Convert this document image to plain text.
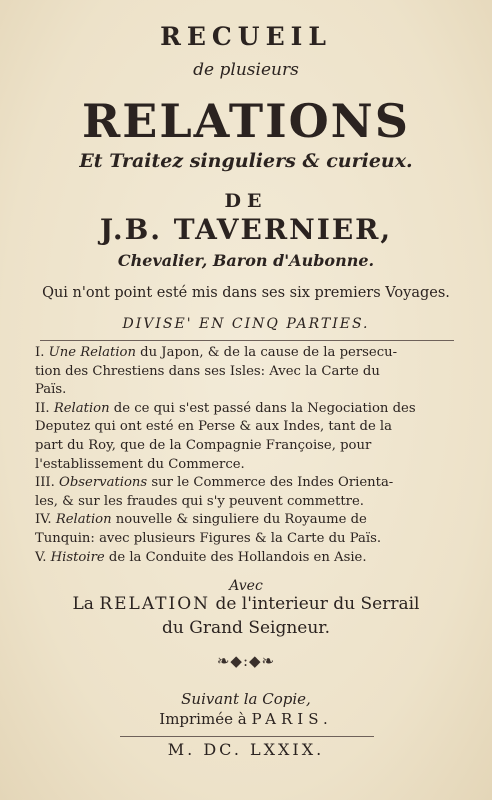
RECUEIL
de plusieurs
RELATIONS
Et Traitez singuliers & curieux.
DE
J.B. TAVERNIER,
Chevalier, Baron d'Aubonne.
Qui n'ont point esté mis dans ses six premiers Voyages.
DIVISE' EN CINQ PARTIES.
I. Une Relation du Japon, & de la cause de la persecu-
tion des Chrestiens dans ses Isles: Avec la Carte du
Païs.
II. Relation de ce qui s'est passé dans la Negociation des
Deputez qui ont esté en Perse & aux Indes, tant de la
part du Roy, que de la Compagnie Françoise, pour
l'establissement du Commerce.
III. Observations sur le Commerce des Indes Orienta-
les, & sur les fraudes qui s'y peuvent commettre.
IV. Relation nouvelle & singuliere du Royaume de
Tunquin: avec plusieurs Figures & la Carte du Païs.
V. Histoire de la Conduite des Hollandois en Asie.
Avec
La RELATION de l'interieur du Serrail
du Grand Seigneur.
❧◆:◆❧
Suivant la Copie,
Imprimée à PARIS.
M. DC. LXXIX.
